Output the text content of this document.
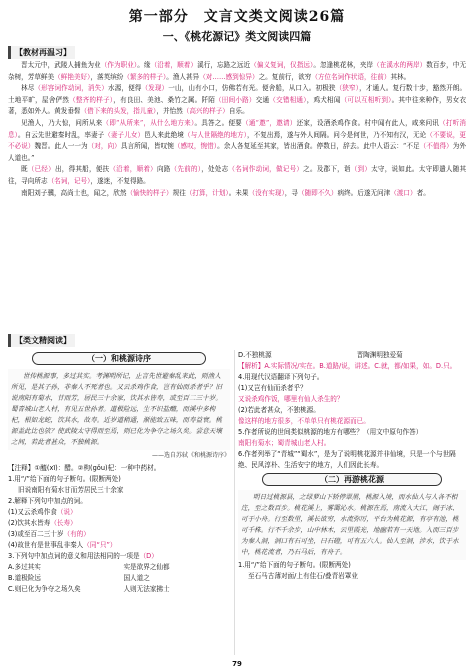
第一部分　文言文类文阅读26篇
一、《桃花源记》类文阅读四篇
【教材再温习】

晋太元中，武陵人捕鱼为业（作为职业）。缘（沿着，顺着）溪行，忘路之远近（偏义复词，仅指远）。忽逢桃花林，夹岸（在溪水的两岸）数百步，中无杂树，芳草鲜美（鲜艳美好），落英缤纷（繁多的样子）。渔人甚异（对……感到惊异）之。复前行，欲穷（方位名词作状语，往前）其林。

林尽（形容词作动词，消失）水源，便得（发现）一山，山有小口，仿佛若有光。便舍船，从口入。初极狭（狭窄），才通人。复行数十步，豁然开朗。土地平旷，屋舍俨然（整齐的样子），有良田、美池、桑竹之属。阡陌（田间小路）交通（交错相通），鸡犬相闻（可以互相听到）。其中往来种作，男女衣著，悉如外人。黄发垂髫（借下来的头发，指儿童），并怡然（高兴的样子）自乐。

见渔人，乃大惊，问所从来（即“从所来”，从什么地方来）。具答之。便要（通“邀”，邀请）还家，设酒杀鸡作食。村中闻有此人，咸来问讯（打听消息）。自云先世避秦时乱，率妻子（妻子儿女）邑人来此绝境（与人世隔绝的地方），不复出焉，遂与外人间隔。问今是何世，乃不知有汉，无论（不要说，更不必说）魏晋。此人一一为（对，向）具言所闻，皆叹惋（感叹，惋惜）。余人各复延至其家，皆出酒食。停数日，辞去。此中人语云：“不足（不值得）为外人道也。”

既（已经）出，得其船，便扶（沿着，顺着）向路（先前的），处处志（名词作动词，做记号）之。及郡下，诣（到）太守，说如此。太守即遣人随其往，寻向所志（名词，记号），遂迷，不复得路。

南阳刘子骥，高尚士也，闻之，欣然（愉快的样子）规往（打算，计划）。未果（没有实现），寻（随即不久）病终。后遂无问津（渡口）者。

【类文精阅读】
（一）和桃源诗序

世传桃源事，多过其实。考渊明所记，止言先世避秦乱来此，则渔人所见，是其子孙，非秦人不死者也。又云杀鸡作食，岂有仙而杀者乎？旧说南阳有菊水，甘而芳，居民三十余家，饮其水皆寿，或至百二三十岁。蜀青城山老人村，有见五世孙者。道极险远，生不识盐醯，而溪中多枸杞，根如龙蛇，饮其水，故寿。近岁道稍通，渐能致五味，而寿益衰。桃源盖此比也欤？使武陵太守得而至焉，则已化为争夺之场久矣。尝意天壤之间，若此者甚众，不独桃源。

——选自苏轼《和桃源诗序》

【注释】①醯(xī)：醋。②枸(gǒu)杞：一种中药材。

1.用“/”给下面的句子断句。(限断两处)

旧说南阳有菊水甘而芳居民三十余家

2.解释下列句中加点的词。

(1)又云杀鸡作食（说）

(2)饮其水皆寿（长寿）

(3)或至百二三十岁（有的）

(4)故世有是世事乱非秦人（同“只”）

3.下列句中加点词的意义和用法相同的一项是（D）

A.多过其实	实是欲界之仙都

B.道极险远	国人道之

C.则已化为争夺之场久矣	人则无法家拂士

D.不独桃源	晋陶渊明独爱菊

【解析】A.实际情况/实在。B.道路/说，讲述。C.就，都/如果，如。D.只。

4.用现代汉语翻译下列句子。

(1)又岂有仙而杀者乎？

又说杀鸡作饭，哪里有仙人杀生的？

(2)若此者甚众，不独桃源。

像这样的地方很多，不单单只有桃花源而已。

5.作者所说的世间类似桃源的地方有哪些？（用文中原句作答）

南阳有菊水；蜀青城山老人村。

6.作者列举了“青城”“蜀水”，是为了说明桃花源并非仙境，只是一个与世隔绝、民风淳朴、生活安宁的地方，人们因此长寿。

（二）再游桃花源

明日过桃源县，之绿萝山下轿停翠黑，桃源入境，而水仙人与人各不相迕，至之数百步。桃花溪上，雾霭沁水。桃源在焉，南流入大江，闹于冰、可于小舟。行至数里，溪长欲穷，水流弥厉，平台为桃花源，有亭有池，桃可千株。行不千余步，山中林木，云里霞光，地幽若有一天地。入而三百步为秦人洞，洞口有石可坐，曰石磴，可有五六人。仙人至洞，涉水，饮于水中，桃花流者，乃石马后，有舟子。

1.用“/”给下面的句子断句。(限断两处)

至石马古薄对面/上有佳石/叠青岩罩业

79
